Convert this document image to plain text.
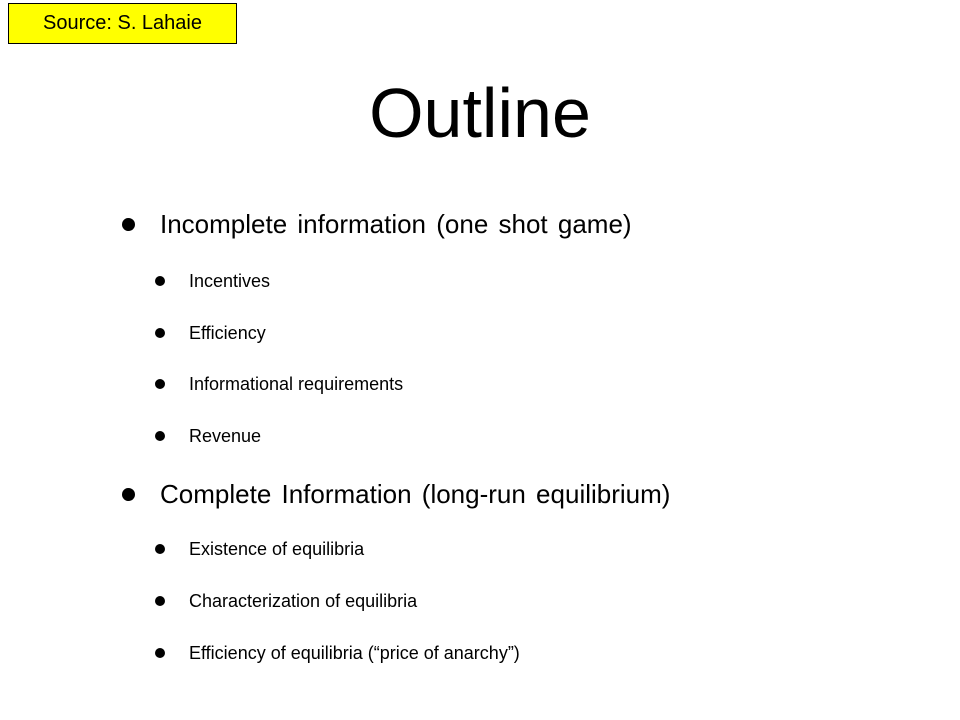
Source: S. Lahaie
Outline
Incomplete information (one shot game)
Incentives
Efficiency
Informational requirements
Revenue
Complete Information (long-run equilibrium)
Existence of equilibria
Characterization of equilibria
Efficiency of equilibria (“price of anarchy”)
